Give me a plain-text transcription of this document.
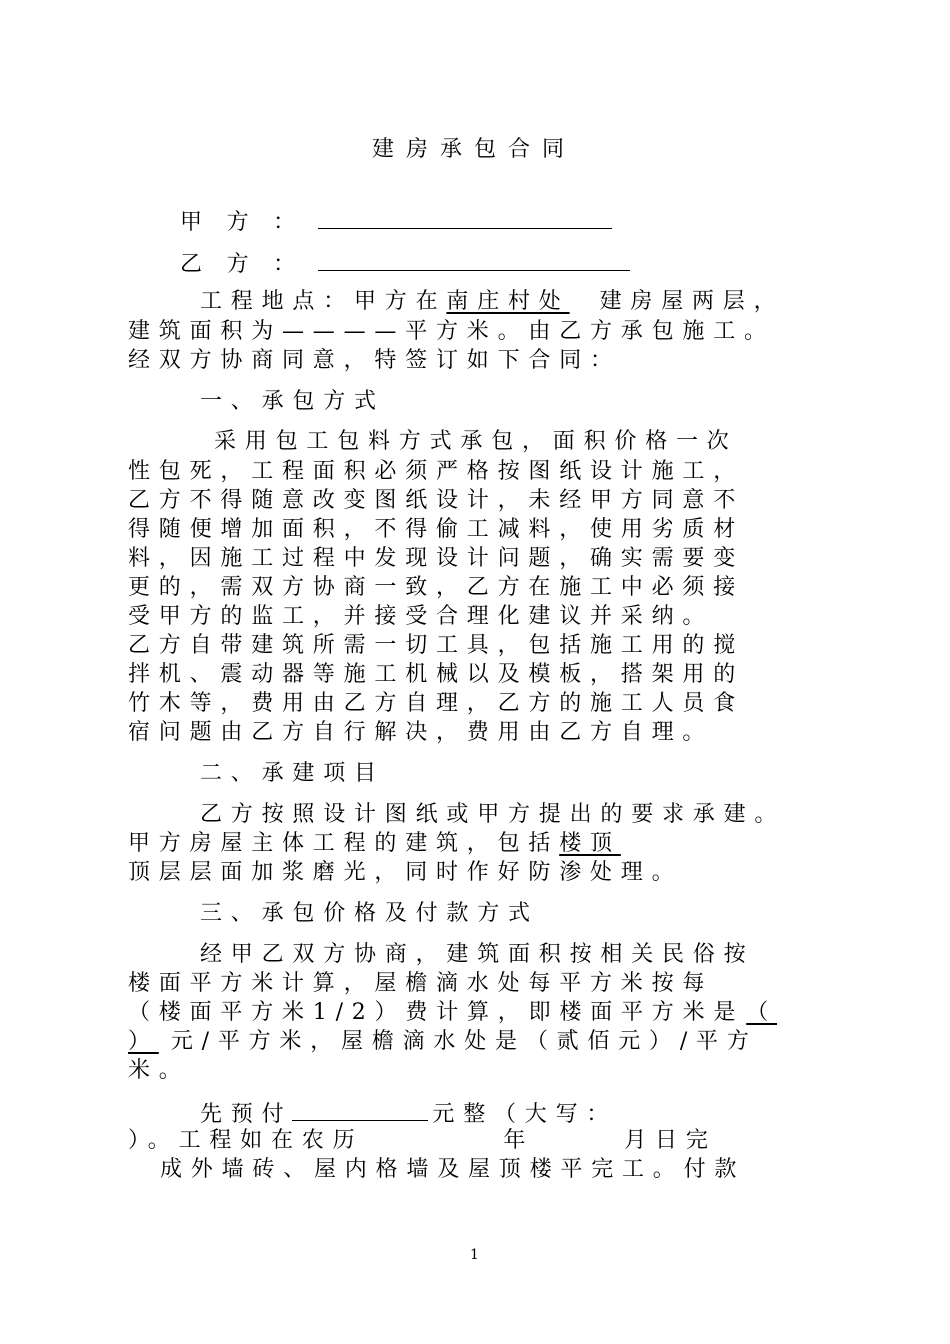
建房承包合同
甲 方 ：
乙 方 ：
工程地点：甲方在南庄村处 建房屋两层，
建筑面积为————平方米。由乙方承包施工。
经双方协商同意，特签订如下合同：
一、承包方式
采用包工包料方式承包，面积价格一次
性包死，工程面积必须严格按图纸设计施工，
乙方不得随意改变图纸设计，未经甲方同意不
得随便增加面积，不得偷工减料，使用劣质材
料，因施工过程中发现设计问题，确实需要变
更的，需双方协商一致，乙方在施工中必须接
受甲方的监工，并接受合理化建议并采纳。
乙方自带建筑所需一切工具，包括施工用的搅
拌机、震动器等施工机械以及模板，搭架用的
竹木等，费用由乙方自理，乙方的施工人员食
宿问题由乙方自行解决，费用由乙方自理。
二、承建项目
乙方按照设计图纸或甲方提出的要求承建。
甲方房屋主体工程的建筑，包括楼顶
顶层层面加浆磨光，同时作好防渗处理。
三、承包价格及付款方式
经甲乙双方协商，建筑面积按相关民俗按
楼面平方米计算，屋檐滴水处每平方米按每
（楼面平方米1/2）费计算，即楼面平方米是（
） 元/平方米，屋檐滴水处是（贰佰元）/平方
米。
先预付	元整（大写：
）。工程如在农历	年	月日完
成外墙砖、屋内格墙及屋顶楼平完工。付款
1
